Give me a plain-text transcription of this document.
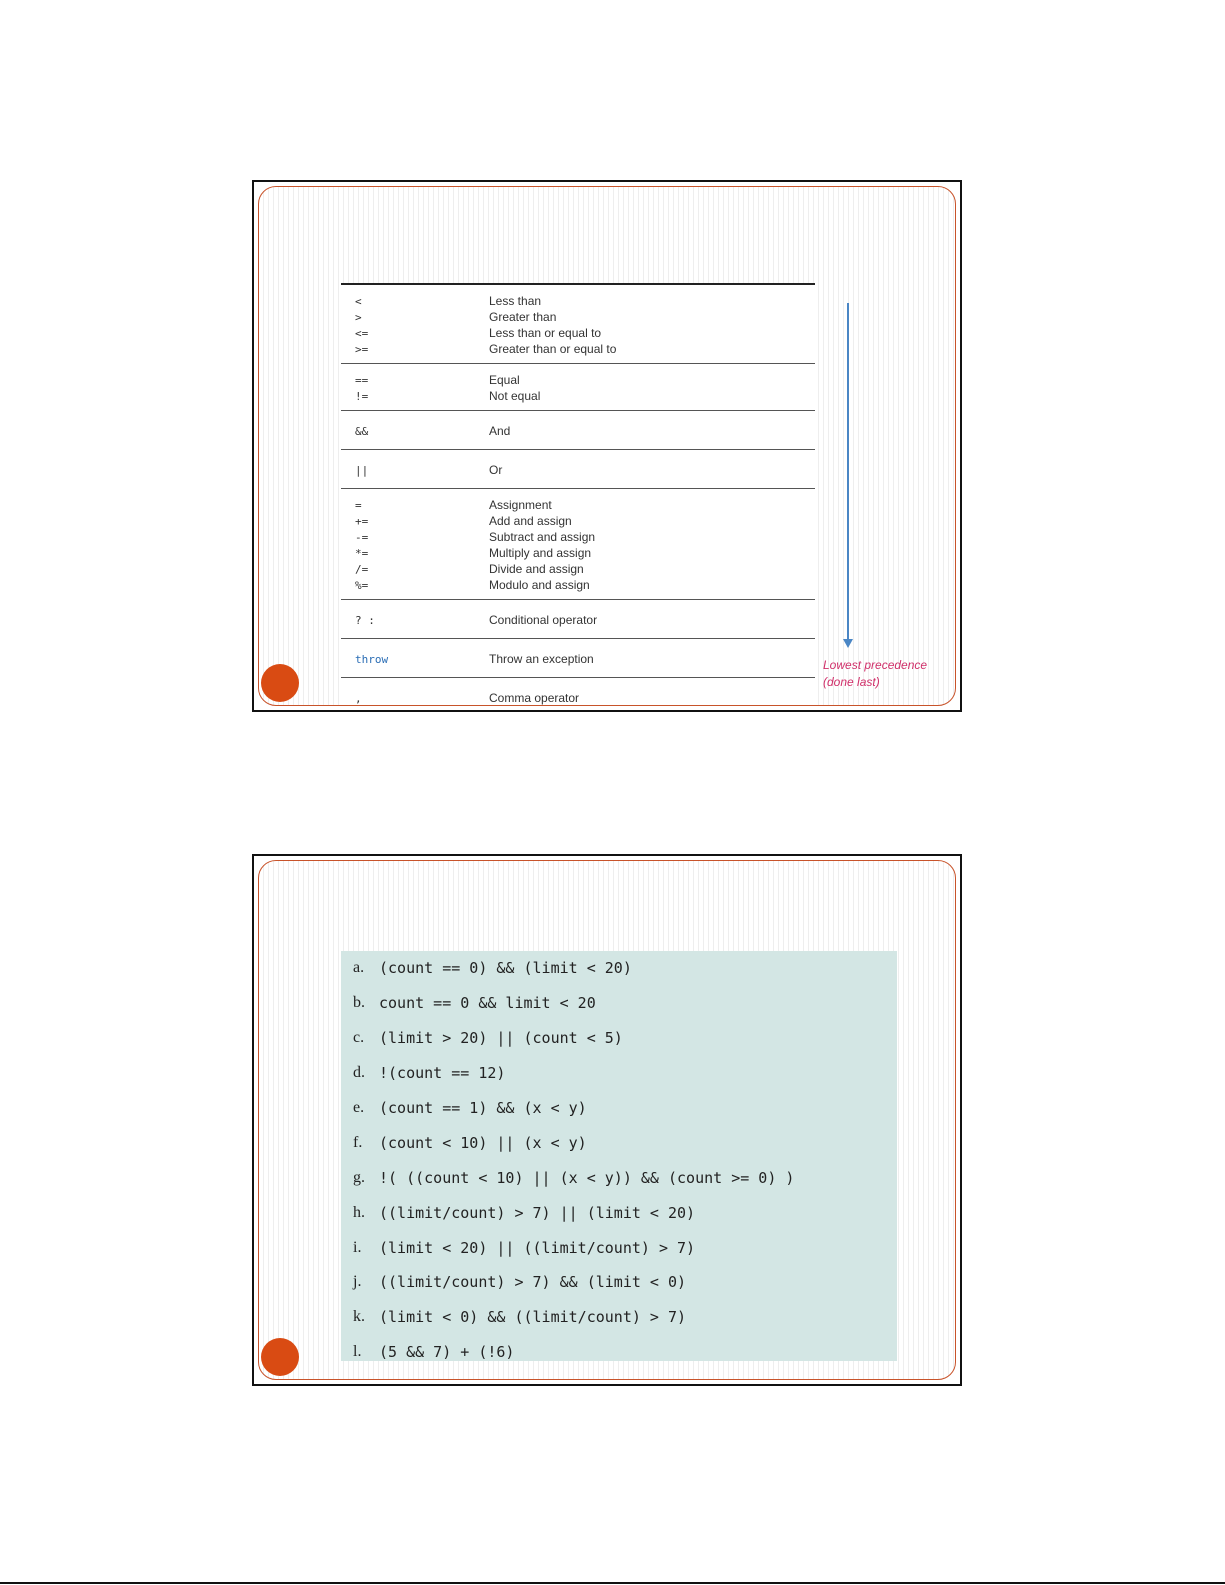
<	Less than
>	Greater than
<=	Less than or equal to
>=	Greater than or equal to
==	Equal
!=	Not equal
&&	And
||	Or
=	Assignment
+=	Add and assign
-=	Subtract and assign
*=	Multiply and assign
/=	Divide and assign
%=	Modulo and assign
? :	Conditional operator
throw	Throw an exception
,	Comma operator
Lowest precedence
(done last)
a. (count == 0) && (limit < 20)
b. count == 0 && limit < 20
c. (limit > 20) || (count < 5)
d. !(count == 12)
e. (count == 1) && (x < y)
f.	(count < 10) || (x < y)
g. !( ((count < 10) || (x < y)) && (count >= 0) )
h. ((limit/count) > 7) || (limit < 20)
i.	(limit < 20) || ((limit/count) > 7)
j.	((limit/count) > 7) && (limit < 0)
k. (limit < 0) && ((limit/count) > 7)
l.	(5 && 7) + (!6)
